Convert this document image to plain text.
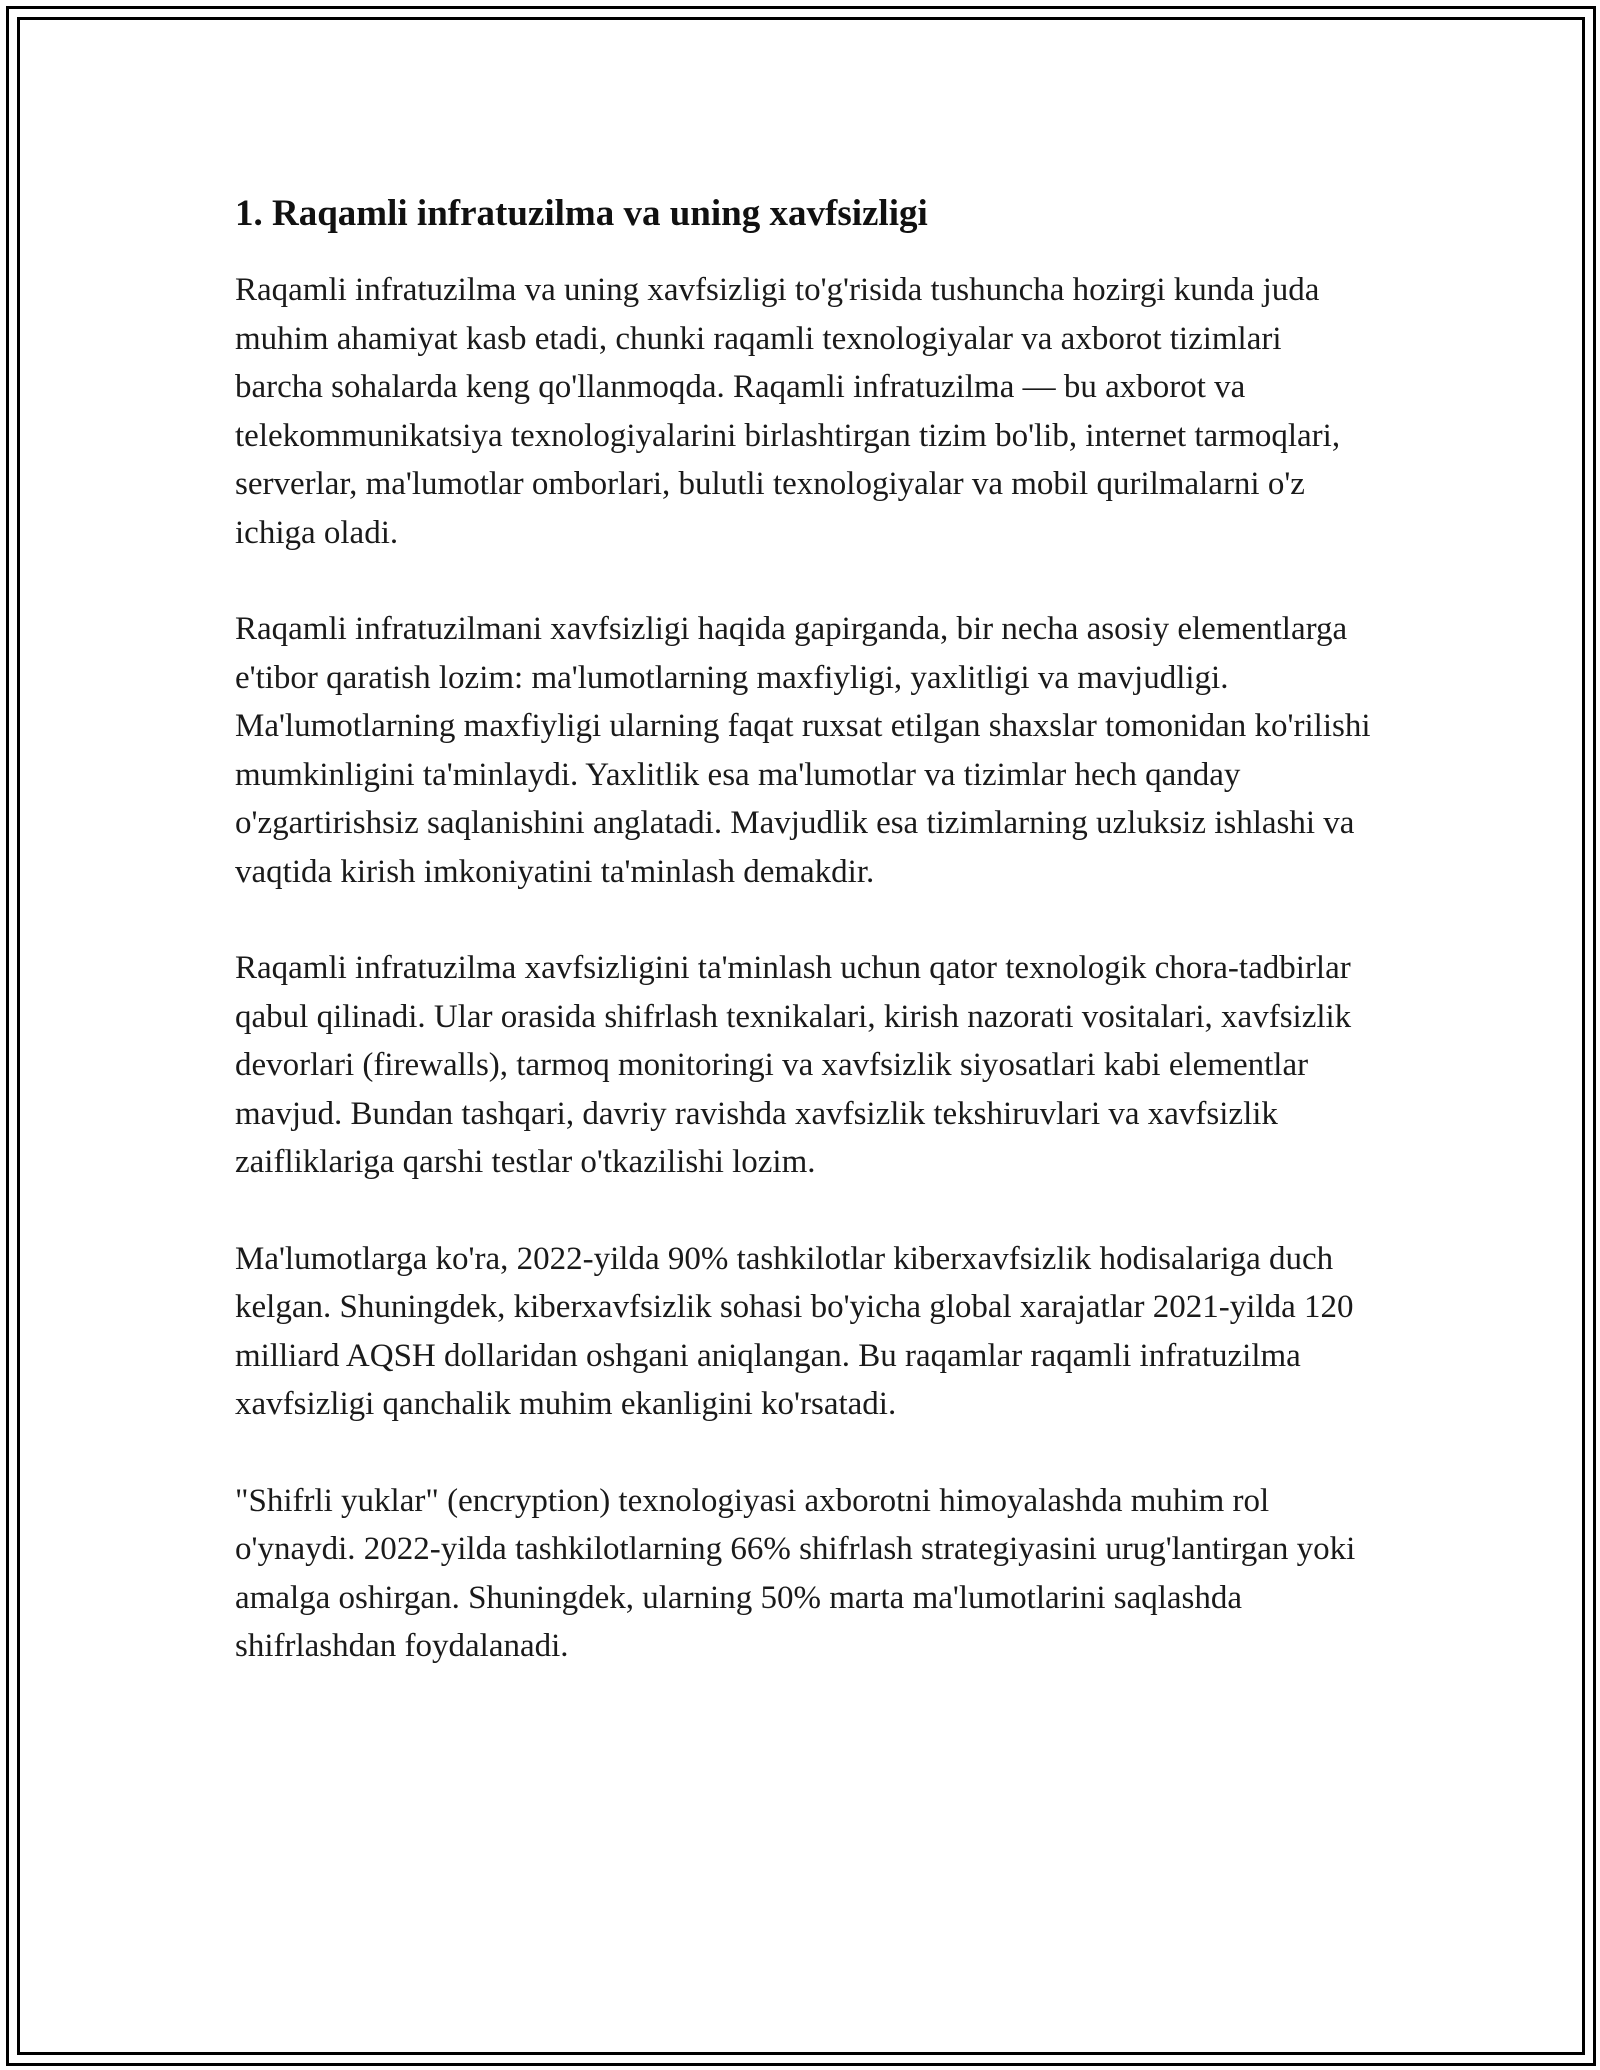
1. Raqamli infratuzilma va uning xavfsizligi

Raqamli infratuzilma va uning xavfsizligi to'g'risida tushuncha hozirgi kunda juda muhim ahamiyat kasb etadi, chunki raqamli texnologiyalar va axborot tizimlari barcha sohalarda keng qo'llanmoqda. Raqamli infratuzilma — bu axborot va telekommunikatsiya texnologiyalarini birlashtirgan tizim bo'lib, internet tarmoqlari, serverlar, ma'lumotlar omborlari, bulutli texnologiyalar va mobil qurilmalarni o'z ichiga oladi.

Raqamli infratuzilmani xavfsizligi haqida gapirganda, bir necha asosiy elementlarga e'tibor qaratish lozim: ma'lumotlarning maxfiyligi, yaxlitligi va mavjudligi. Ma'lumotlarning maxfiyligi ularning faqat ruxsat etilgan shaxslar tomonidan ko'rilishi mumkinligini ta'minlaydi. Yaxlitlik esa ma'lumotlar va tizimlar hech qanday o'zgartirishsiz saqlanishini anglatadi. Mavjudlik esa tizimlarning uzluksiz ishlashi va vaqtida kirish imkoniyatini ta'minlash demakdir.

Raqamli infratuzilma xavfsizligini ta'minlash uchun qator texnologik chora-tadbirlar qabul qilinadi. Ular orasida shifrlash texnikalari, kirish nazorati vositalari, xavfsizlik devorlari (firewalls), tarmoq monitoringi va xavfsizlik siyosatlari kabi elementlar mavjud. Bundan tashqari, davriy ravishda xavfsizlik tekshiruvlari va xavfsizlik zaifliklariga qarshi testlar o'tkazilishi lozim.

Ma'lumotlarga ko'ra, 2022-yilda 90% tashkilotlar kiberxavfsizlik hodisalariga duch kelgan. Shuningdek, kiberxavfsizlik sohasi bo'yicha global xarajatlar 2021-yilda 120 milliard AQSH dollaridan oshgani aniqlangan. Bu raqamlar raqamli infratuzilma xavfsizligi qanchalik muhim ekanligini ko'rsatadi.

"Shifrli yuklar" (encryption) texnologiyasi axborotni himoyalashda muhim rol o'ynaydi. 2022-yilda tashkilotlarning 66% shifrlash strategiyasini urug'lantirgan yoki amalga oshirgan. Shuningdek, ularning 50% marta ma'lumotlarini saqlashda shifrlashdan foydalanadi.
